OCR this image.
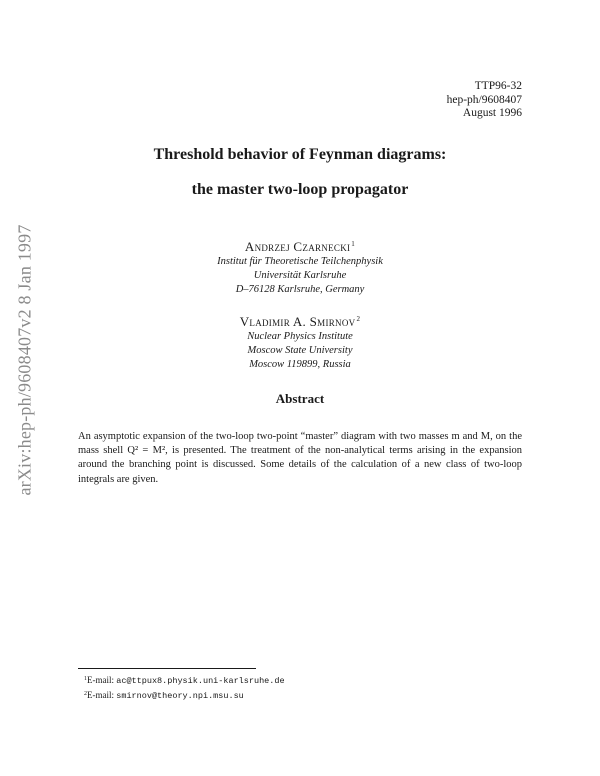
arXiv:hep-ph/9608407v2 8 Jan 1997
TTP96-32
hep-ph/9608407
August 1996
Threshold behavior of Feynman diagrams:
the master two-loop propagator
Andrzej Czarnecki$^1$
Institut für Theoretische Teilchenphysik
Universität Karlsruhe
D–76128 Karlsruhe, Germany
Vladimir A. Smirnov$^2$
Nuclear Physics Institute
Moscow State University
Moscow 119899, Russia
Abstract

An asymptotic expansion of the two-loop two-point “master” diagram with two masses m and M, on the mass shell Q² = M², is presented. The treatment of the non-analytical terms arising in the expansion around the branching point is discussed. Some details of the calculation of a new class of two-loop integrals are given.

$^1$E-mail: ac@ttpux8.physik.uni-karlsruhe.de
$^2$E-mail: smirnov@theory.npi.msu.su
